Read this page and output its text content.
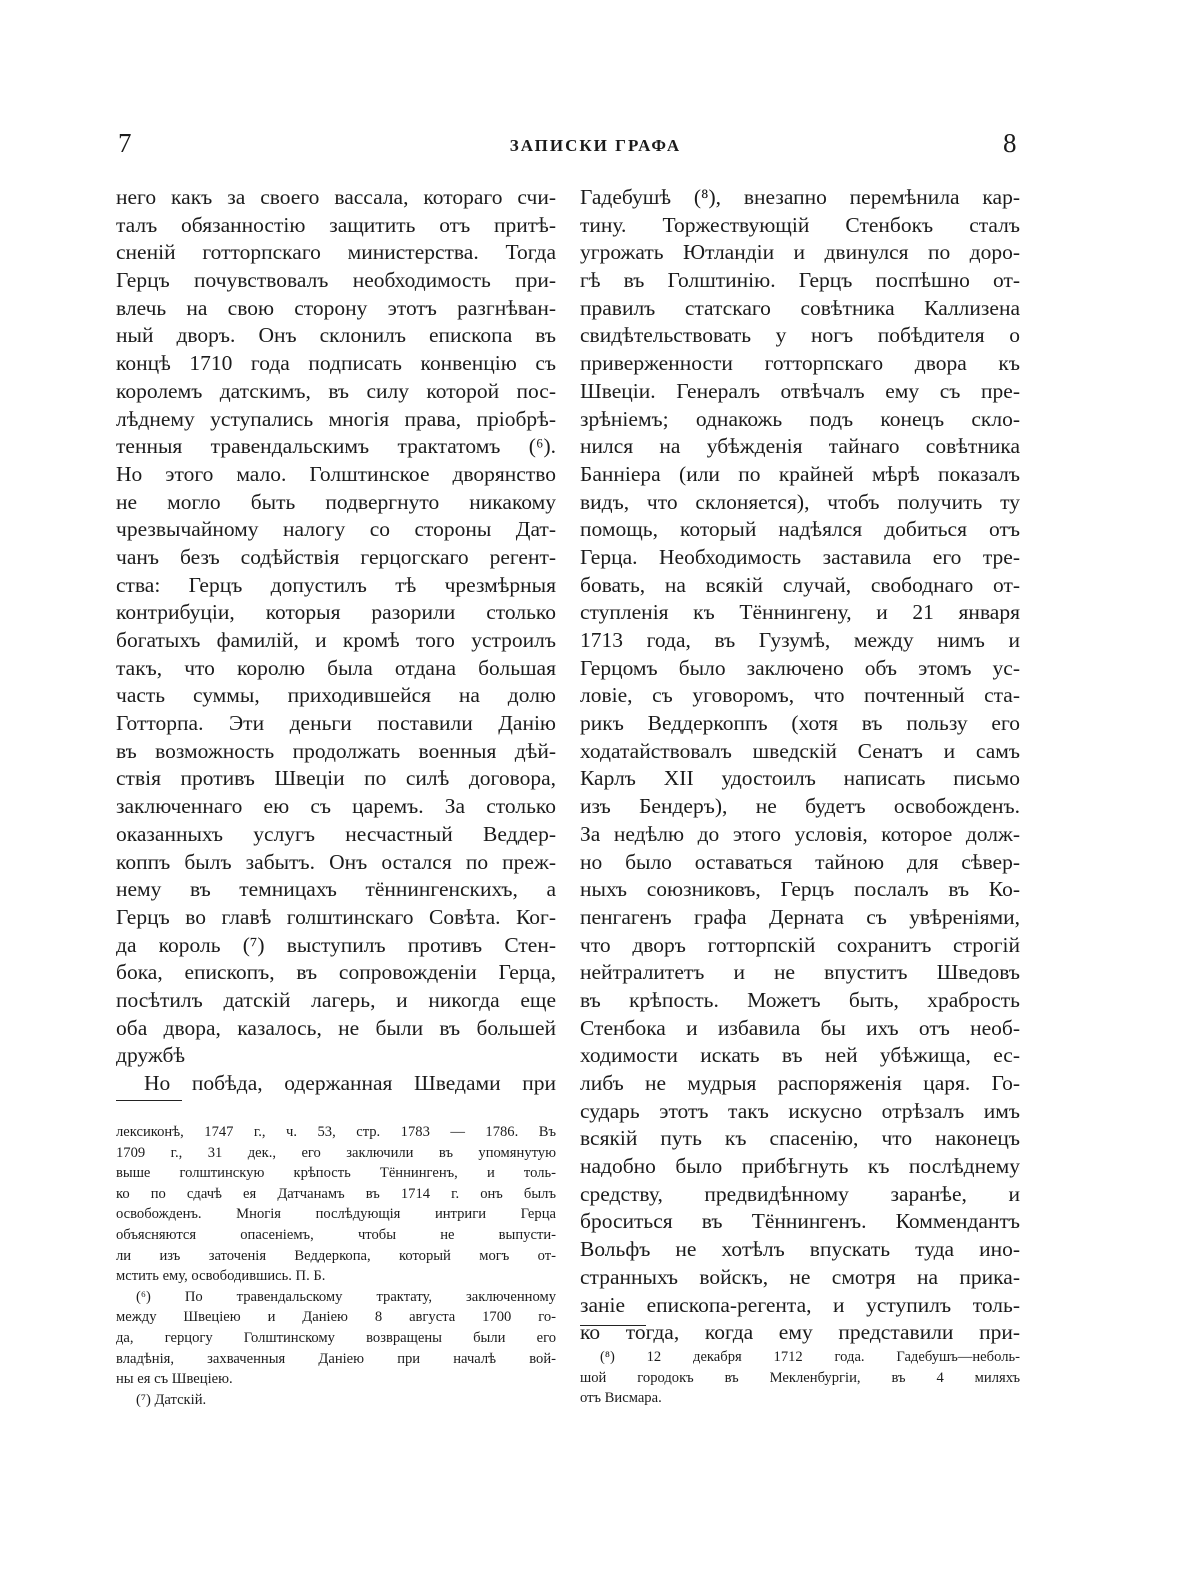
7	ЗАПИСКИ ГРАФА	8
него какъ за своего вассала, котораго счи-
талъ обязанностію защитить отъ притѣ-
сненій готторпскаго министерства. Тогда
Герцъ почувствовалъ необходимость при-
влечь на свою сторону этотъ разгнѣван-
ный дворъ. Онъ склонилъ епископа въ
концѣ 1710 года подписать конвенцію съ
королемъ датскимъ, въ силу которой пос-
лѣднему уступались многія права, пріобрѣ-
тенныя травендальскимъ трактатомъ (⁶).
Но этого мало. Голштинское дворянство
не могло быть подвергнуто никакому
чрезвычайному налогу со стороны Дат-
чанъ безъ содѣйствія герцогскаго регент-
ства: Герцъ допустилъ тѣ чрезмѣрныя
контрибуціи, которыя разорили столько
богатыхъ фамилій, и кромѣ того устроилъ
такъ, что королю была отдана большая
часть суммы, приходившейся на долю
Готторпа. Эти деньги поставили Данію
въ возможность продолжать военныя дѣй-
ствія противъ Швеціи по силѣ договора,
заключеннаго ею съ царемъ. За столько
оказанныхъ услугъ несчастный Веддер-
коппъ былъ забытъ. Онъ остался по преж-
нему въ темницахъ тённингенскихъ, а
Герцъ во главѣ голштинскаго Совѣта. Ког-
да король (⁷) выступилъ противъ Стен-
бока, епископъ, въ сопровожденіи Герца,
посѣтилъ датскій лагерь, и никогда еще
оба двора, казалось, не были въ большей
дружбѣ
Но побѣда, одержанная Шведами при
Гадебушѣ (⁸), внезапно перемѣнила кар-
тину. Торжествующій Стенбокъ сталъ
угрожать Ютландіи и двинулся по доро-
гѣ въ Голштинію. Герцъ поспѣшно от-
правилъ статскаго совѣтника Каллизена
свидѣтельствовать у ногъ побѣдителя о
приверженности готторпскаго двора къ
Швеціи. Генералъ отвѣчалъ ему съ пре-
зрѣніемъ; однакожь подъ конецъ скло-
нился на убѣжденія тайнаго совѣтника
Банніера (или по крайней мѣрѣ показалъ
видъ, что склоняется), чтобъ получить ту
помощь, который надѣялся добиться отъ
Герца. Необходимость заставила его тре-
бовать, на всякій случай, свободнаго от-
ступленія къ Тённингену, и 21 января
1713 года, въ Гузумѣ, между нимъ и
Герцомъ было заключено объ этомъ ус-
ловіе, съ уговоромъ, что почтенный ста-
рикъ Веддеркоппъ (хотя въ пользу его
ходатайствовалъ шведскій Сенатъ и самъ
Карлъ XII удостоилъ написать письмо
изъ Бендеръ), не будетъ освобожденъ.
За недѣлю до этого условія, которое долж-
но было оставаться тайною для сѣвер-
ныхъ союзниковъ, Герцъ послалъ въ Ко-
пенгагенъ графа Дерната съ увѣреніями,
что дворъ готторпскій сохранитъ строгій
нейтралитетъ и не впуститъ Шведовъ
въ крѣпость. Можетъ быть, храбрость
Стенбока и избавила бы ихъ отъ необ-
ходимости искать въ ней убѣжища, ес-
либъ не мудрыя распоряженія царя. Го-
сударь этотъ такъ искусно отрѣзалъ имъ
всякій путь къ спасенію, что наконецъ
надобно было прибѣгнуть къ послѣднему
средству, предвидѣнному заранѣе, и
броситься въ Тённингенъ. Коммендантъ
Вольфъ не хотѣлъ впускать туда ино-
странныхъ войскъ, не смотря на прика-
заніе епископа-регента, и уступилъ толь-
ко тогда, когда ему представили при-
лексиконѣ, 1747 г., ч. 53, стр. 1783 — 1786. Въ
1709 г., 31 дек., его заключили въ упомянутую
выше голштинскую крѣпость Тённингенъ, и толь-
ко по сдачѣ ея Датчанамъ въ 1714 г. онъ былъ
освобожденъ. Многія послѣдующія интриги Герца
объясняются опасеніемъ, чтобы не выпусти-
ли изъ заточенія Веддеркопа, который могъ от-
мстить ему, освободившись. П. Б.
(⁶) По травендальскому трактату, заключенному
между Швеціею и Даніею 8 августа 1700 го-
да, герцогу Голштинскому возвращены были его
владѣнія, захваченныя Даніею при началѣ вой-
ны ея съ Швеціею.
(⁷) Датскій.
(⁸) 12 декабря 1712 года. Гадебушъ—неболь-
шой городокъ въ Мекленбургіи, въ 4 миляхъ
отъ Висмара.
